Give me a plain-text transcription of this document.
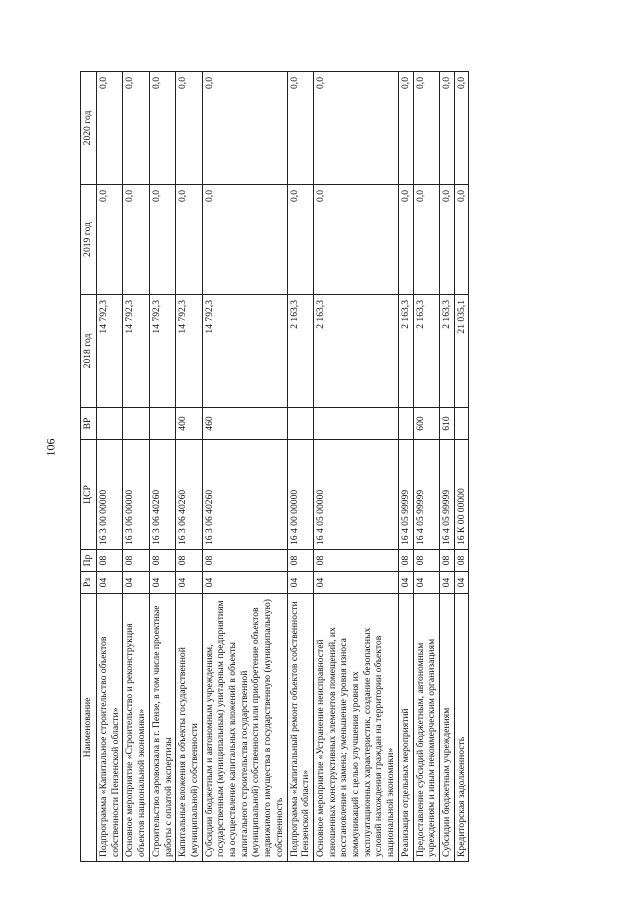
106
Наименование	Рз	Пр	ЦСР	ВР	2018 год	2019 год	2020 год
Подпрограмма «Капитальное строительство объектов собственности Пензенской области»	04	08	16 3 00 00000		14 792,3	0,0	0,0
Основное мероприятие «Строительство и реконструкция объектов национальной экономики»	04	08	16 3 06 00000		14 792,3	0,0	0,0
Строительство аэровокзала в г. Пензе, в том числе проектные работы с оплатой экспертизы	04	08	16 3 06 40260		14 792,3	0,0	0,0
Капитальные вложения в объекты государственной (муниципальной) собственности	04	08	16 3 06 40260	400	14 792,3	0,0	0,0
Субсидии бюджетным и автономным учреждениям, государственным (муниципальным) унитарным предприятиям на осуществление капитальных вложений в объекты капитального строительства государственной (муниципальной) собственности или приобретение объектов недвижимого имущества в государственную (муниципальную) собственность	04	08	16 3 06 40260	460	14 792,3	0,0	0,0
Подпрограмма «Капитальный ремонт объектов собственности Пензенской области»	04	08	16 4 00 00000		2 163,3	0,0	0,0
Основное мероприятие «Устранение неисправностей изношенных конструктивных элементов помещений, их восстановление и замена; уменьшение уровня износа коммуникаций с целью улучшения уровня их эксплуатационных характеристик, создание безопасных условий нахождения граждан на территории объектов национальной экономики»	04	08	16 4 05 00000		2 163,3	0,0	0,0
Реализация отдельных мероприятий	04	08	16 4 05 99999		2 163,3	0,0	0,0
Предоставление субсидий бюджетным, автономным учреждениям и иным некоммерческим организациям	04	08	16 4 05 99999	600	2 163,3	0,0	0,0
Субсидии бюджетным учреждениям	04	08	16 4 05 99999	610	2 163,3	0,0	0,0
Кредиторская задолженность	04	08	16 К 00 00000		21 035,1	0,0	0,0
